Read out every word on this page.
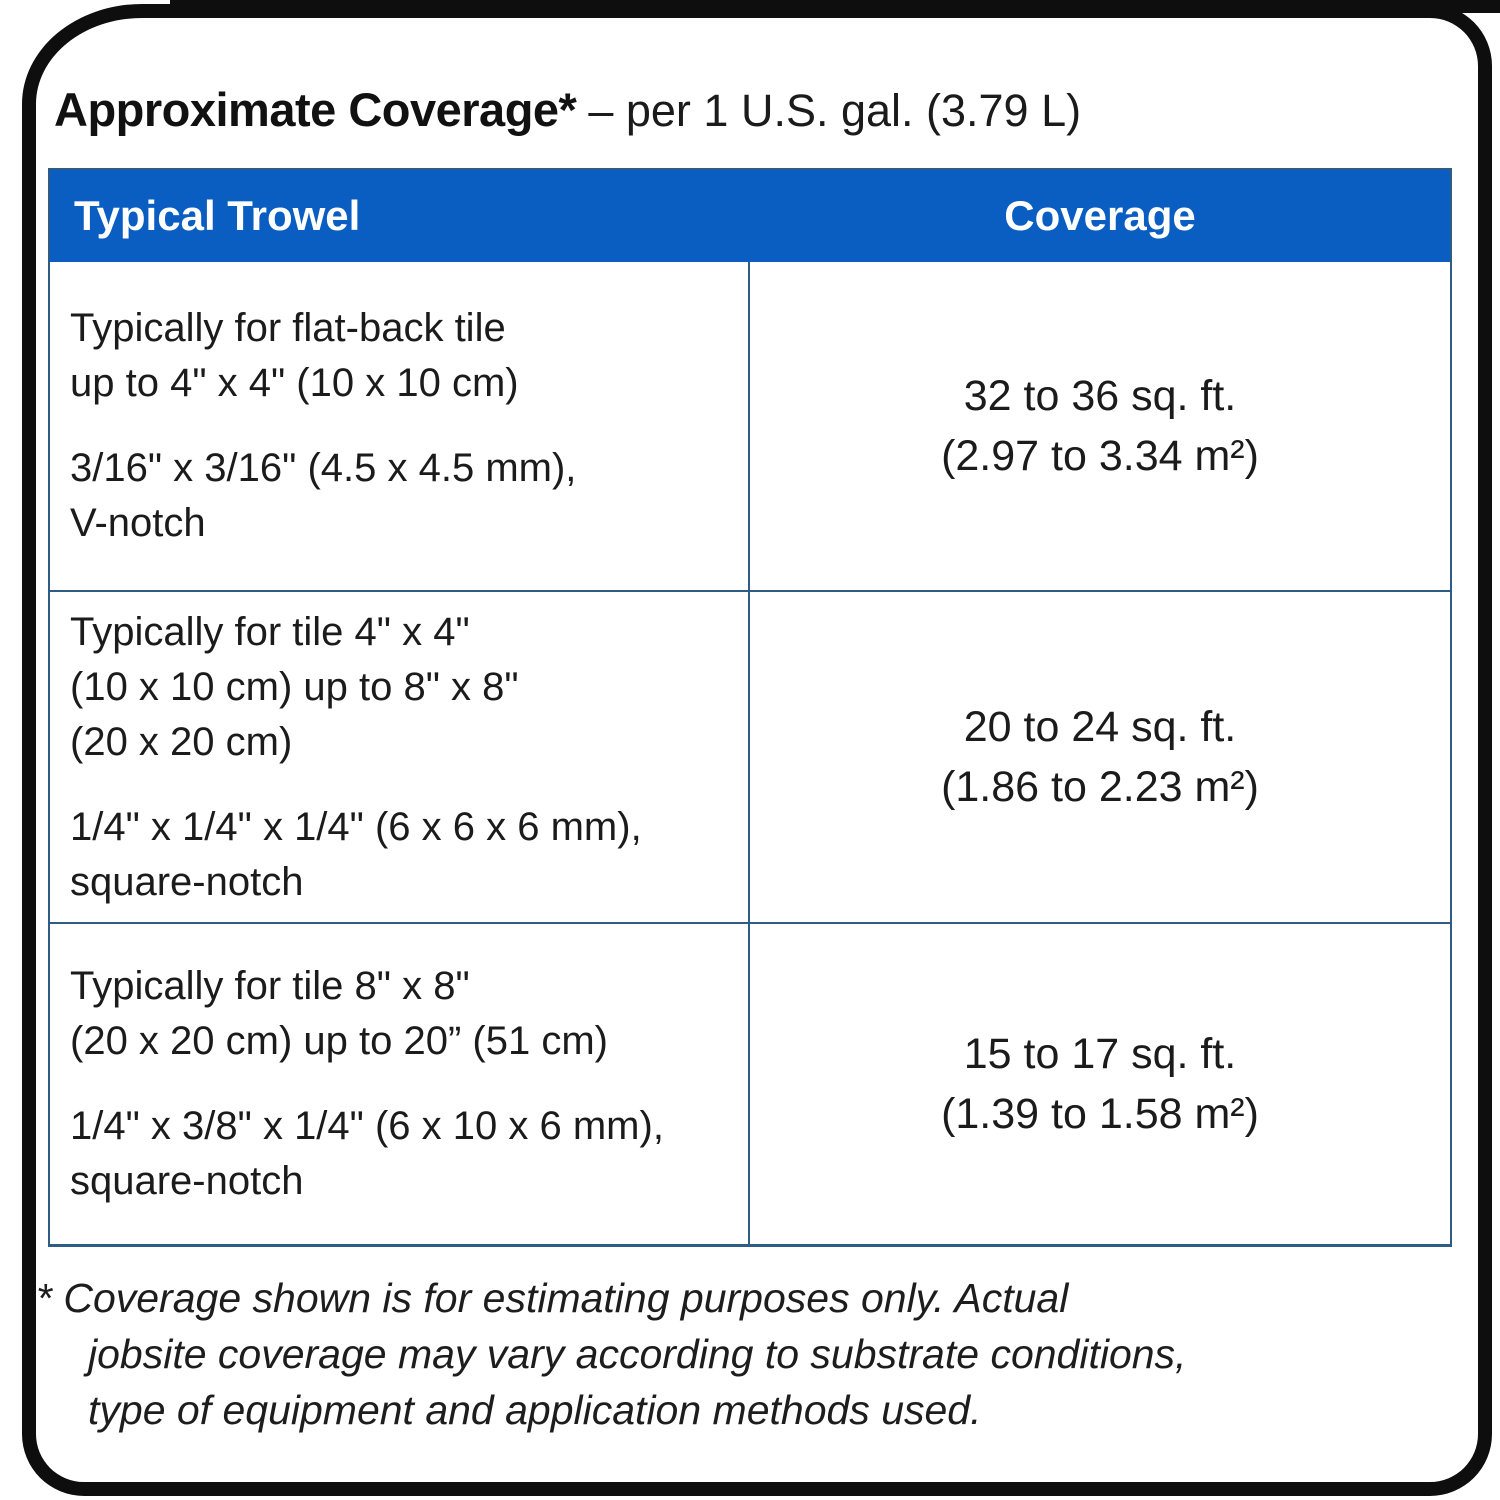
Approximate Coverage* – per 1 U.S. gal. (3.79 L)
Typical Trowel	Coverage
Typically for flat-back tile
up to 4" x 4" (10 x 10 cm)
3/16" x 3/16" (4.5 x 4.5 mm),
V-notch
32 to 36 sq. ft.
(2.97 to 3.34 m²)
Typically for tile 4" x 4"
(10 x 10 cm) up to 8" x 8"
(20 x 20 cm)
1/4" x 1/4" x 1/4" (6 x 6 x 6 mm),
square-notch
20 to 24 sq. ft.
(1.86 to 2.23 m²)
Typically for tile 8" x 8"
(20 x 20 cm) up to 20” (51 cm)
1/4" x 3/8" x 1/4" (6 x 10 x 6 mm),
square-notch
15 to 17 sq. ft.
(1.39 to 1.58 m²)
* Coverage shown is for estimating purposes only. Actual
jobsite coverage may vary according to substrate conditions,
type of equipment and application methods used.
